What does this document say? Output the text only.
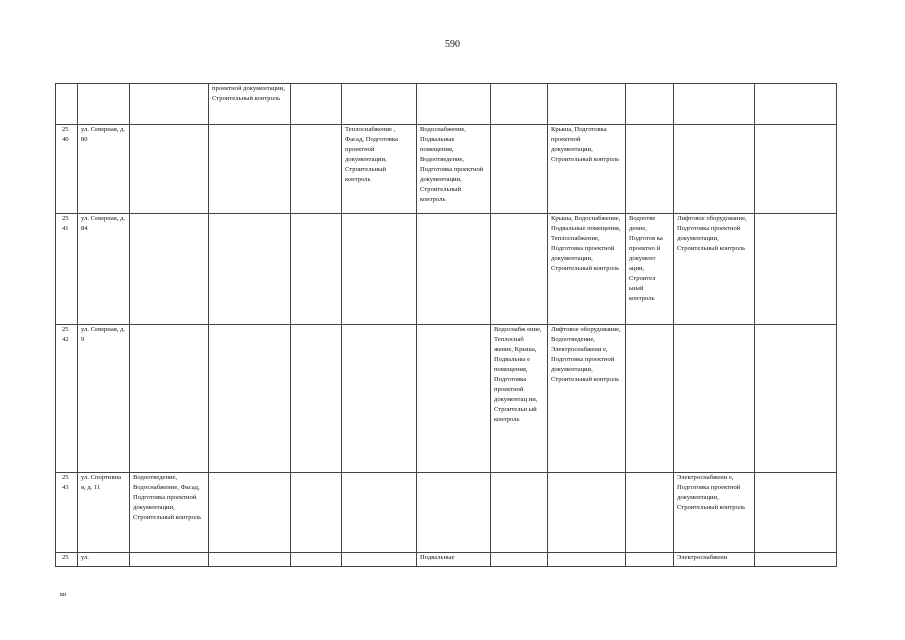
590
			проектной документации, Строительный контроль								
25 40	ул. Северная, д. 80				Теплоснабжение , Фасад, Подготовка проектной документации, Строительный контроль	Водоснабжение, Подвальные помещения, Водоотведение, Подготовка проектной документации, Строительный контроль		Крыша, Подготовка проектной документации, Строительный контроль			
25 41	ул. Северная, д. 84							Крыша, Водоснабжение, Подвальные помещения, Теплоснабжение, Подготовка проектной документации, Строительный контроль	Водоотве дение, Подготов ка проектно й документ ации, Строител ьный контроль	Лифтовое оборудование, Подготовка проектной документации, Строительный контроль	
25 42	ул. Северная, д. 9						Водоснабж ение, Теплоснаб жение, Крыша, Подвальны е помещения, Подготовка проектной документац ии, Строительн ый контроль	Лифтовое оборудование, Водоотведение, Электроснабжени е, Подготовка проектной документации, Строительный контроль			
25 43	ул. Спортивна я, д. 11	Водоотведение, Водоснабжение, Фасад, Подготовка проектной документации, Строительный контроль								Электроснабжени е, Подготовка проектной документации, Строительный контроль	
25	ул.					Подвальные				Электроснабжени	
ви
